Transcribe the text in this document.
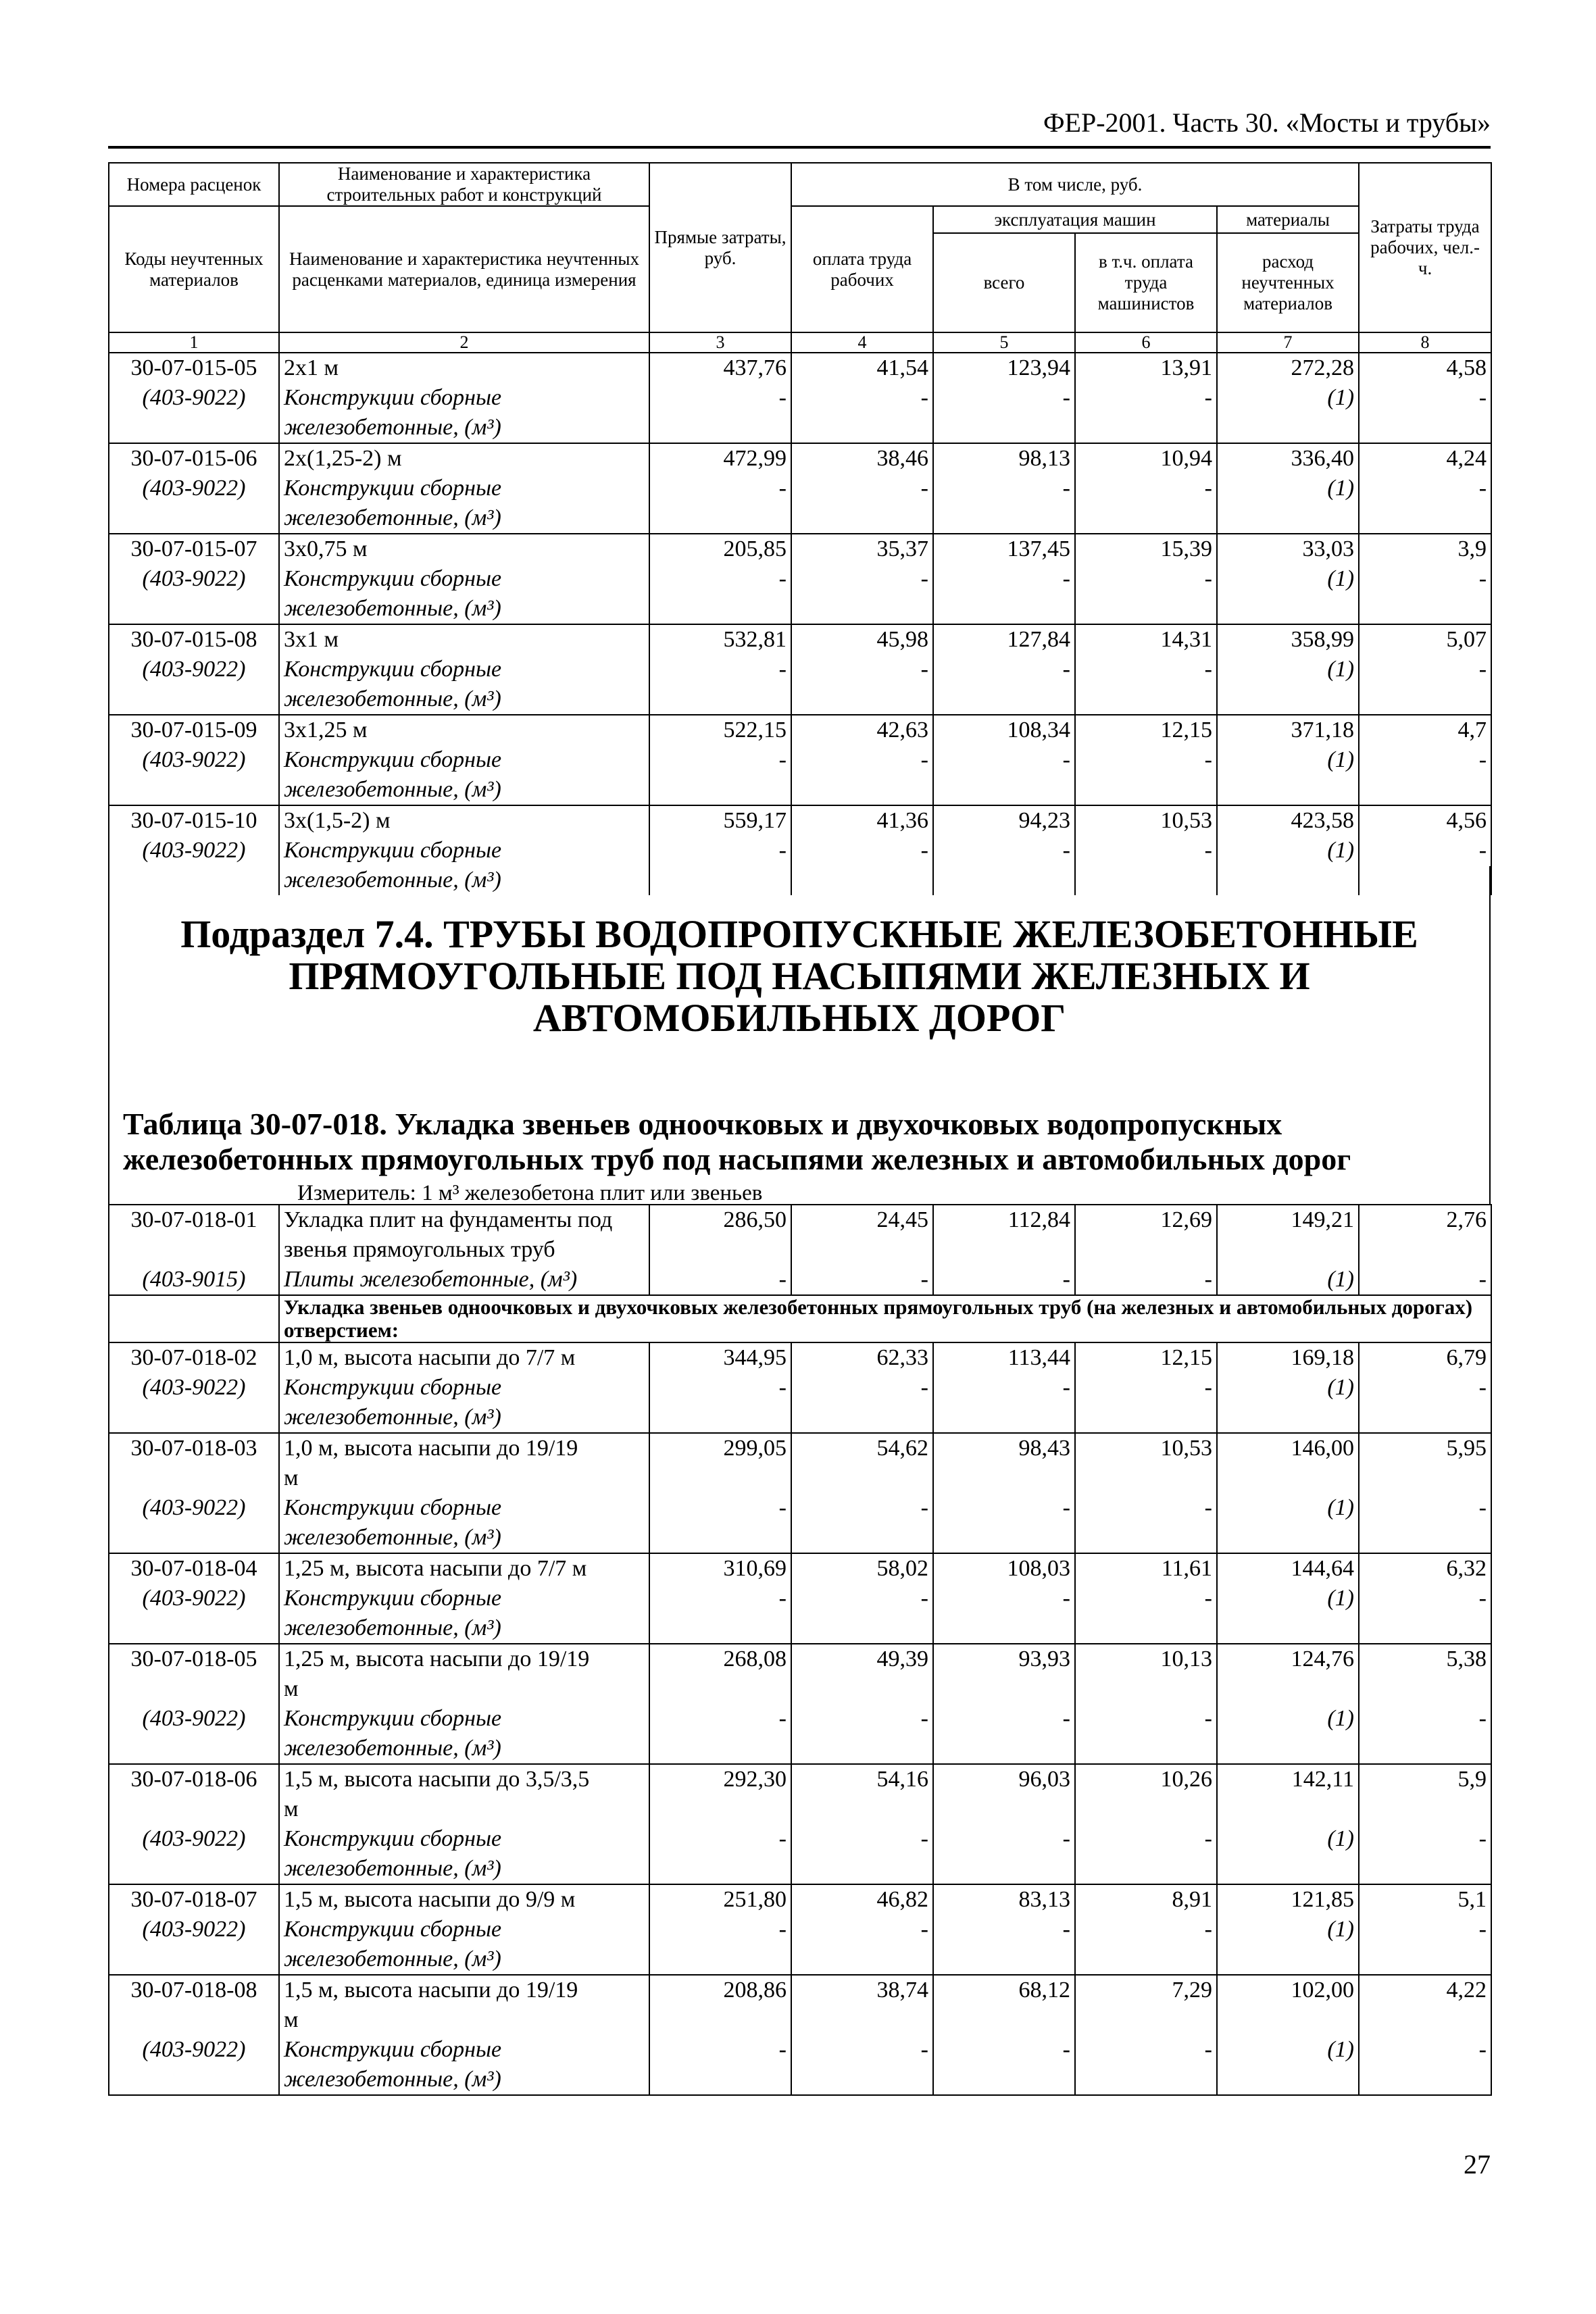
ФЕР-2001. Часть 30. «Мосты и трубы»
Номера расценок	Наименование и характеристика строительных работ и конструкций	Прямые затраты, руб.	В том числе, руб.				Затраты труда рабочих, чел.-ч.
Коды неучтенных материалов	Наименование и характеристика неучтенных расценками материалов, единица измерения		оплата труда рабочих	эксплуатация машин		материалы	
				всего	в т.ч. оплата труда машинистов	расход неучтенных материалов	
1	2	3	4	5	6	7	8
30-07-015-05	2х1 м	437,76	41,54	123,94	13,91	272,28	4,58
(403-9022)	Конструкции сборные	-	-	-	-	(1)	-
	железобетонные, (м³)						
30-07-015-06	2х(1,25-2) м	472,99	38,46	98,13	10,94	336,40	4,24
(403-9022)	Конструкции сборные	-	-	-	-	(1)	-
	железобетонные, (м³)						
30-07-015-07	3х0,75 м	205,85	35,37	137,45	15,39	33,03	3,9
(403-9022)	Конструкции сборные	-	-	-	-	(1)	-
	железобетонные, (м³)						
30-07-015-08	3х1 м	532,81	45,98	127,84	14,31	358,99	5,07
(403-9022)	Конструкции сборные	-	-	-	-	(1)	-
	железобетонные, (м³)						
30-07-015-09	3х1,25 м	522,15	42,63	108,34	12,15	371,18	4,7
(403-9022)	Конструкции сборные	-	-	-	-	(1)	-
	железобетонные, (м³)						
30-07-015-10	3х(1,5-2) м	559,17	41,36	94,23	10,53	423,58	4,56
(403-9022)	Конструкции сборные	-	-	-	-	(1)	-
	железобетонные, (м³)						
Подраздел 7.4. ТРУБЫ ВОДОПРОПУСКНЫЕ ЖЕЛЕЗОБЕТОННЫЕ ПРЯМОУГОЛЬНЫЕ ПОД НАСЫПЯМИ ЖЕЛЕЗНЫХ И АВТОМОБИЛЬНЫХ ДОРОГ
Таблица 30-07-018. Укладка звеньев одноочковых и двухочковых водопропускных железобетонных прямоугольных труб под насыпями железных и автомобильных дорог
Измеритель: 1 м³ железобетона плит или звеньев
30-07-018-01	Укладка плит на фундаменты под	286,50	24,45	112,84	12,69	149,21	2,76
	звенья прямоугольных труб						
(403-9015)	Плиты железобетонные, (м³)	-	-	-	-	(1)	-
	Укладка звеньев одноочковых и двухочковых железобетонных прямоугольных труб (на железных и автомобильных дорогах) отверстием:						
30-07-018-02	1,0 м, высота насыпи до 7/7 м	344,95	62,33	113,44	12,15	169,18	6,79
(403-9022)	Конструкции сборные	-	-	-	-	(1)	-
	железобетонные, (м³)						
30-07-018-03	1,0 м, высота насыпи до 19/19	299,05	54,62	98,43	10,53	146,00	5,95
	м						
(403-9022)	Конструкции сборные	-	-	-	-	(1)	-
	железобетонные, (м³)						
30-07-018-04	1,25 м, высота насыпи до 7/7 м	310,69	58,02	108,03	11,61	144,64	6,32
(403-9022)	Конструкции сборные	-	-	-	-	(1)	-
	железобетонные, (м³)						
30-07-018-05	1,25 м, высота насыпи до 19/19	268,08	49,39	93,93	10,13	124,76	5,38
	м						
(403-9022)	Конструкции сборные	-	-	-	-	(1)	-
	железобетонные, (м³)						
30-07-018-06	1,5 м, высота насыпи до 3,5/3,5	292,30	54,16	96,03	10,26	142,11	5,9
	м						
(403-9022)	Конструкции сборные	-	-	-	-	(1)	-
	железобетонные, (м³)						
30-07-018-07	1,5 м, высота насыпи до 9/9 м	251,80	46,82	83,13	8,91	121,85	5,1
(403-9022)	Конструкции сборные	-	-	-	-	(1)	-
	железобетонные, (м³)						
30-07-018-08	1,5 м, высота насыпи до 19/19	208,86	38,74	68,12	7,29	102,00	4,22
	м						
(403-9022)	Конструкции сборные	-	-	-	-	(1)	-
	железобетонные, (м³)						
27
